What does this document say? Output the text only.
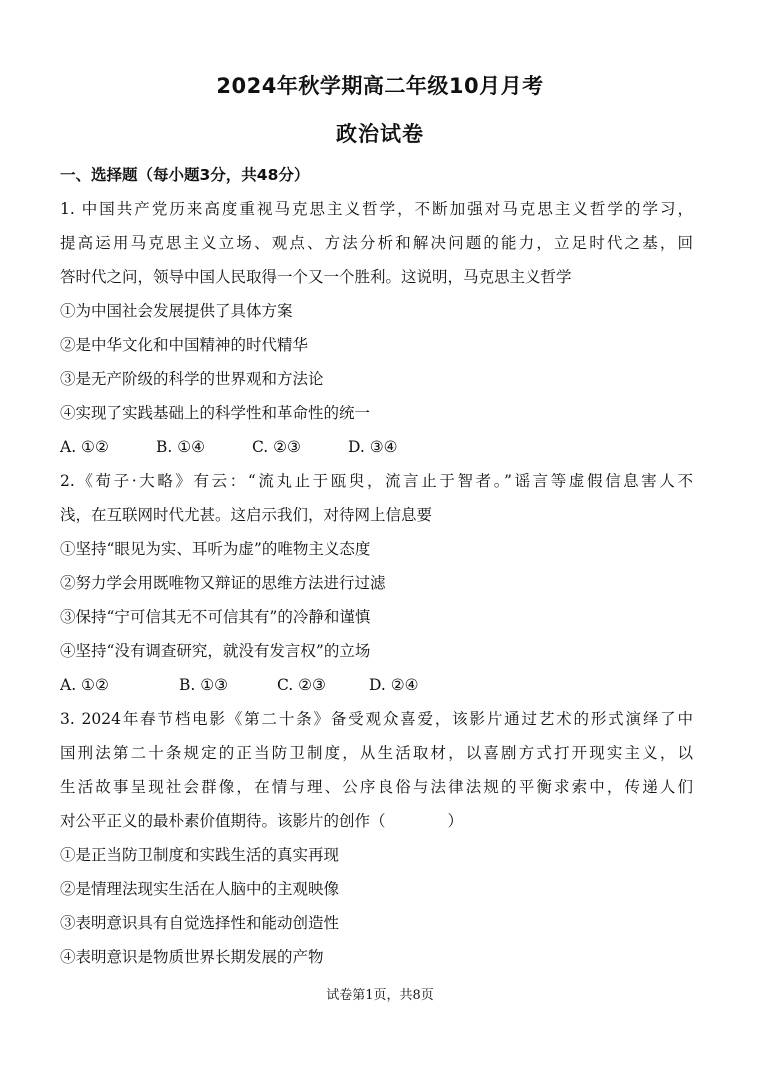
2024年秋学期高二年级10月月考
政治试卷
一、选择题（每小题3分，共48分）
1. 中国共产党历来高度重视马克思主义哲学，不断加强对马克思主义哲学的学习，
提高运用马克思主义立场、观点、方法分析和解决问题的能力，立足时代之基，回
答时代之问，领导中国人民取得一个又一个胜利。这说明，马克思主义哲学
①为中国社会发展提供了具体方案
②是中华文化和中国精神的时代精华
③是无产阶级的科学的世界观和方法论
④实现了实践基础上的科学性和革命性的统一
A. ①②	B. ①④	C. ②③	D. ③④
2.《荀子·大略》有云：“流丸止于瓯臾，流言止于智者。”谣言等虚假信息害人不
浅，在互联网时代尤甚。这启示我们，对待网上信息要
①坚持“眼见为实、耳听为虚”的唯物主义态度
②努力学会用既唯物又辩证的思维方法进行过滤
③保持“宁可信其无不可信其有”的冷静和谨慎
④坚持“没有调查研究，就没有发言权”的立场
A. ①②	B. ①③	C. ②③	D. ②④
3. 2024年春节档电影《第二十条》备受观众喜爱，该影片通过艺术的形式演绎了中
国刑法第二十条规定的正当防卫制度，从生活取材，以喜剧方式打开现实主义，以
生活故事呈现社会群像，在情与理、公序良俗与法律法规的平衡求索中，传递人们
对公平正义的最朴素价值期待。该影片的创作（　　　　）
①是正当防卫制度和实践生活的真实再现
②是情理法现实生活在人脑中的主观映像
③表明意识具有自觉选择性和能动创造性
④表明意识是物质世界长期发展的产物
试卷第1页，共8页
